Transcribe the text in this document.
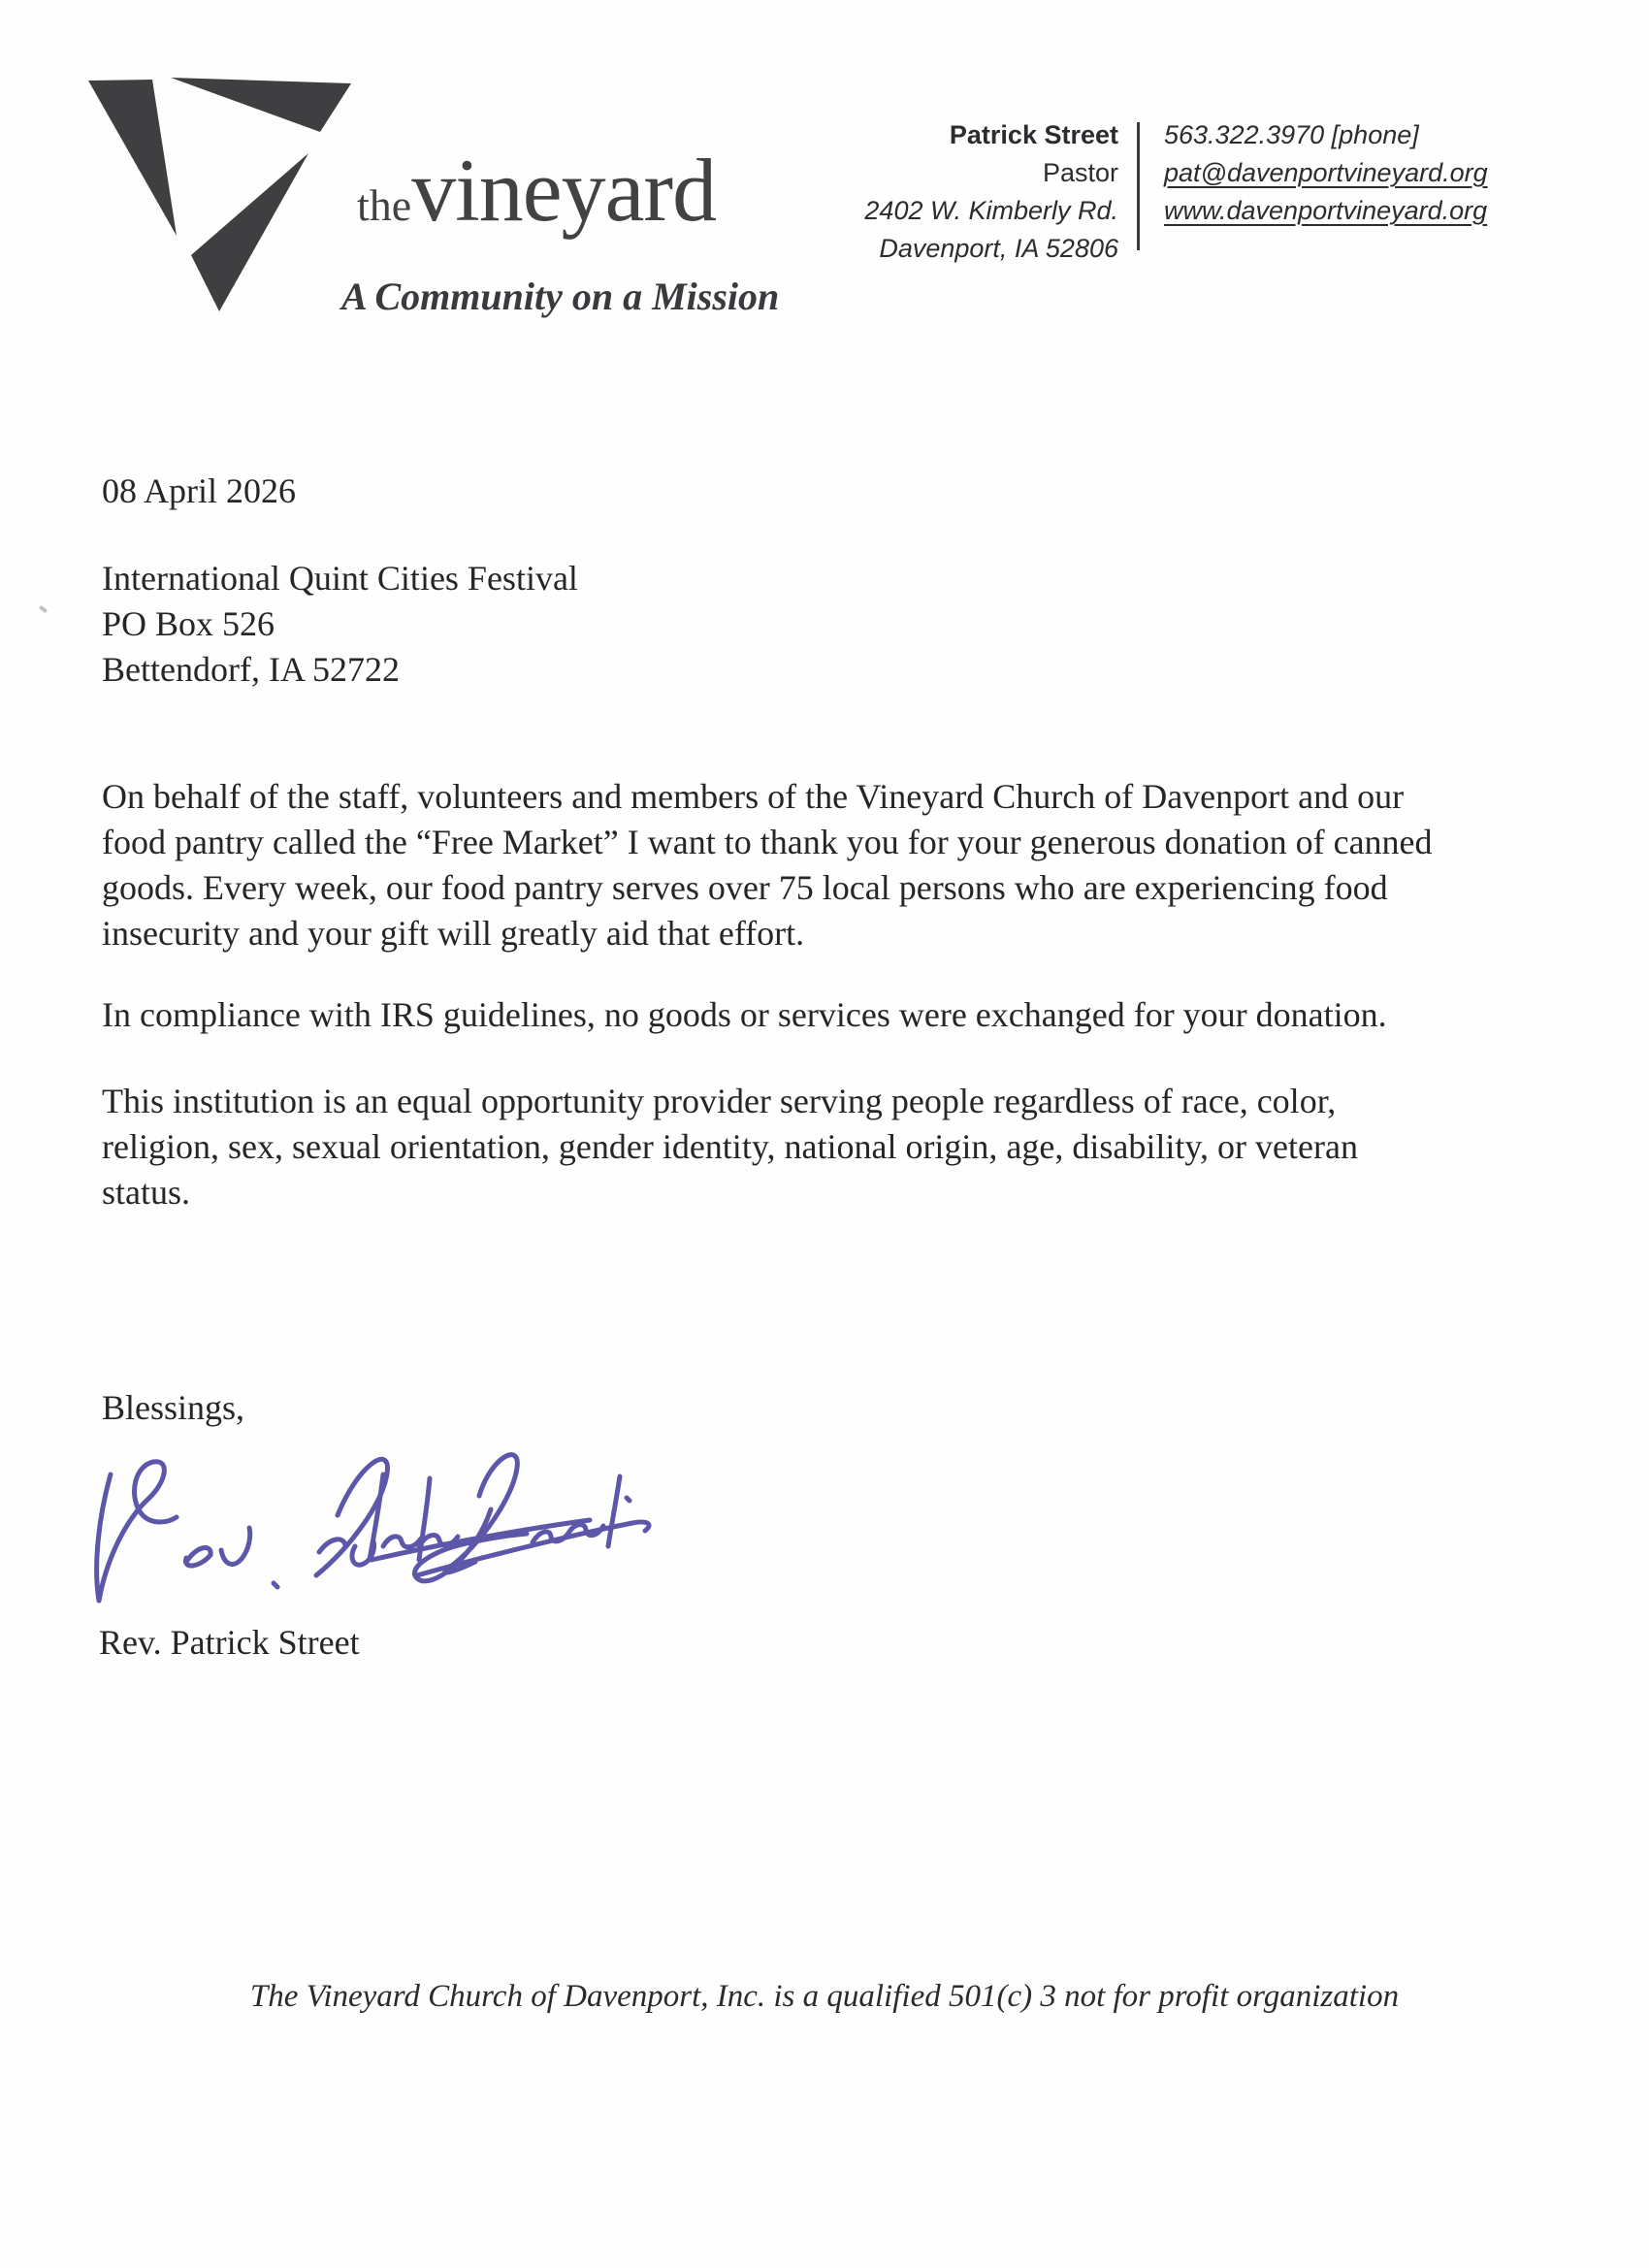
thevineyard
A Community on a Mission
Patrick Street
Pastor
2402 W. Kimberly Rd.
Davenport, IA 52806
563.322.3970 [phone]
pat@davenportvineyard.org
www.davenportvineyard.org
08 April 2026
International Quint Cities Festival
PO Box 526
Bettendorf, IA 52722
On behalf of the staff, volunteers and members of the Vineyard Church of Davenport and our
food pantry called the “Free Market” I want to thank you for your generous donation of canned
goods. Every week, our food pantry serves over 75 local persons who are experiencing food
insecurity and your gift will greatly aid that effort.
In compliance with IRS guidelines, no goods or services were exchanged for your donation.
This institution is an equal opportunity provider serving people regardless of race, color,
religion, sex, sexual orientation, gender identity, national origin, age, disability, or veteran
status.
Blessings,
Rev. Patrick Street
The Vineyard Church of Davenport, Inc. is a qualified 501(c) 3 not for profit organization
